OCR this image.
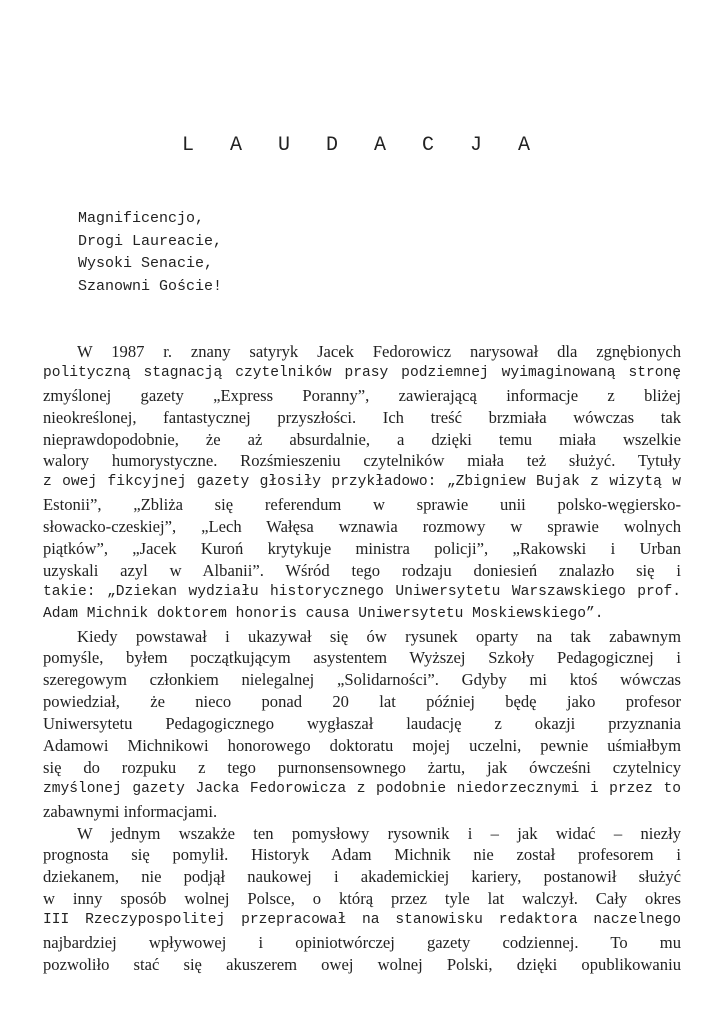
L A U D A C J A
Magnificencjo,
Drogi Laureacie,
Wysoki Senacie,
Szanowni Goście!
W 1987 r. znany satyryk Jacek Fedorowicz narysował dla zgnębionych
polityczną stagnacją czytelników prasy podziemnej wyimaginowaną stronę
zmyślonej gazety „Express Poranny”, zawierającą informacje z bliżej
nieokreślonej, fantastycznej przyszłości. Ich treść brzmiała wówczas tak
nieprawdopodobnie, że aż absurdalnie, a dzięki temu miała wszelkie
walory humorystyczne. Rozśmieszeniu czytelników miała też służyć. Tytuły
z owej fikcyjnej gazety głosiły przykładowo: „Zbigniew Bujak z wizytą w
Estonii”, „Zbliża się referendum w sprawie unii polsko-węgiersko-
słowacko-czeskiej”, „Lech Wałęsa wznawia rozmowy w sprawie wolnych
piątków”, „Jacek Kuroń krytykuje ministra policji”, „Rakowski i Urban
uzyskali azyl w Albanii”. Wśród tego rodzaju doniesień znalazło się i
takie: „Dziekan wydziału historycznego Uniwersytetu Warszawskiego prof.
Adam Michnik doktorem honoris causa Uniwersytetu Moskiewskiego”.
Kiedy powstawał i ukazywał się ów rysunek oparty na tak zabawnym
pomyśle, byłem początkującym asystentem Wyższej Szkoły Pedagogicznej i
szeregowym członkiem nielegalnej „Solidarności”. Gdyby mi ktoś wówczas
powiedział, że nieco ponad 20 lat później będę jako profesor
Uniwersytetu Pedagogicznego wygłaszał laudację z okazji przyznania
Adamowi Michnikowi honorowego doktoratu mojej uczelni, pewnie uśmiałbym
się do rozpuku z tego purnonsensownego żartu, jak ówcześni czytelnicy
zmyślonej gazety Jacka Fedorowicza z podobnie niedorzecznymi i przez to
zabawnymi informacjami.
W jednym wszakże ten pomysłowy rysownik i – jak widać – niezły
prognosta się pomylił. Historyk Adam Michnik nie został profesorem i
dziekanem, nie podjął naukowej i akademickiej kariery, postanowił służyć
w inny sposób wolnej Polsce, o którą przez tyle lat walczył. Cały okres
III Rzeczypospolitej przepracował na stanowisku redaktora naczelnego
najbardziej wpływowej i opiniotwórczej gazety codziennej. To mu
pozwoliło stać się akuszerem owej wolnej Polski, dzięki opublikowaniu
